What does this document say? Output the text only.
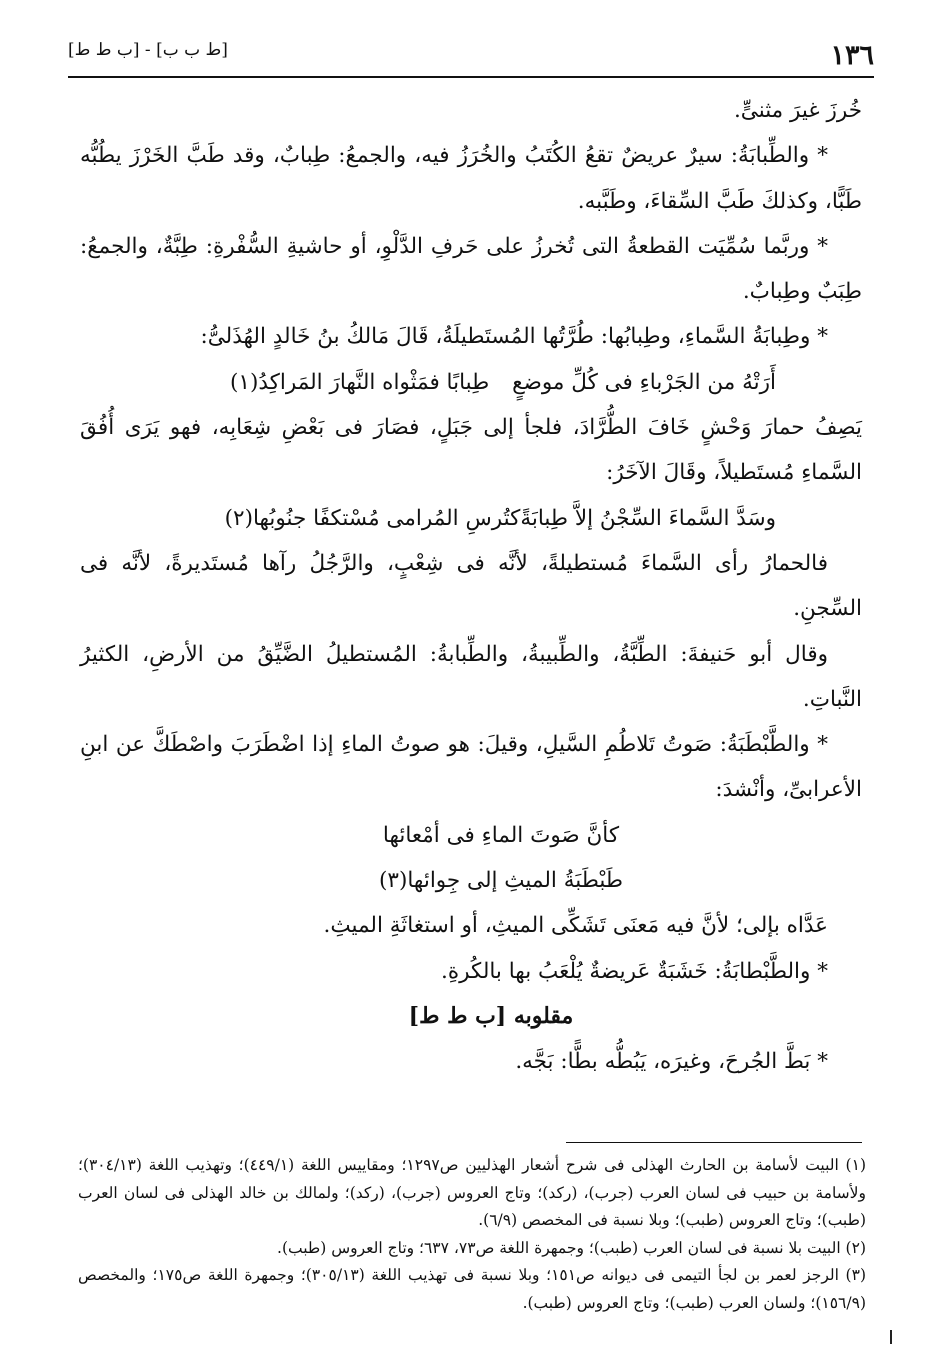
١٣٦
[ط ب ب] - [ب ط ط]
خُرزَ غيرَ مثنىٍّ.
* والطِّبابَةُ: سيرٌ عريضٌ تقعُ الكُتَبُ والخُرَزُ فيه، والجمعُ: طِبابٌ، وقد طَبَّ الخَرْزَ يطُبُّه طَبًّا، وكذلكَ طَبَّ السِّقاءَ، وطَبَّبه.
* وربَّما سُمِّيَت القطعةُ التى تُخرزُ على حَرفِ الدَّلْوِ، أو حاشيةِ السُّفْرةِ: طِبَّةٌ، والجمعُ: طِبَبٌ وطِبابٌ.
* وطِبابَةُ السَّماءِ، وطِبابُها: طُرَّتُها المُستَطيلَةُ، قَالَ مَالكُ بنُ خَالدٍ الهُذَلىُّ:
أَرَتْهُ من الجَرْباءِ فى كُلِّ موضعٍ
طِبابًا فمَثْواه النَّهارَ المَراكِدُ(١)
يَصِفُ حمارَ وَحْشٍ خَافَ الطُّرَّادَ، فلجأ إلى جَبَلٍ، فصَارَ فى بَعْضِ شِعَابِه، فهو يَرَى أُفُقَ السَّماءِ مُستَطيلاً، وقَالَ الآخَرُ:
وسَدَّ السَّماءَ السِّجْنُ إلاَّ طِبابَةً
كتُرسِ المُرامى مُسْتكفًا جنُوبُها(٢)
فالحمارُ رأى السَّماءَ مُستطيلةً، لأنَّه فى شِعْبٍ، والرَّجُلُ رآها مُستَديرةً، لأنَّه فى السِّجنِ.
وقال أبو حَنيفةَ: الطِّبَّةُ، والطِّبيبةُ، والطِّبابةُ: المُستطيلُ الضَّيِّقُ من الأرضِ، الكثيرُ النَّباتِ.
* والطَّبْطَبَةُ: صَوتُ تَلاطُمِ السَّيلِ، وقيلَ: هو صوتُ الماءِ إذا اضْطَرَبَ واصْطَكَّ عن ابنِ الأعرابىِّ، وأنْشدَ:
كأنَّ صَوتَ الماءِ فى أمْعائها
طَبْطَبَةُ الميثِ إلى جِوائها(٣)
عَدَّاه بإلى؛ لأنَّ فيه مَعنَى تَشَكِّى الميثِ، أو استغاثَةِ الميثِ.
* والطَّبْطابَةُ: خَشَبَةٌ عَريضةٌ يُلْعَبُ بها بالكُرةِ.
مقلوبه [ب ط ط]
* بَطَّ الجُرحَ، وغيرَه، يَبُطُّه بطًّا: بَجَّه.
(١) البيت لأسامة بن الحارث الهذلى فى شرح أشعار الهذليين ص١٢٩٧؛ ومقاييس اللغة (٤٤٩/١)؛ وتهذيب اللغة (٣٠٤/١٣)؛ ولأسامة بن حبيب فى لسان العرب (جرب)، (ركد)؛ وتاج العروس (جرب)، (ركد)؛ ولمالك بن خالد الهذلى فى لسان العرب (طبب)؛ وتاج العروس (طبب)؛ وبلا نسبة فى المخصص (٦/٩).
(٢) البيت بلا نسبة فى لسان العرب (طبب)؛ وجمهرة اللغة ص٧٣، ٦٣٧؛ وتاج العروس (طبب).
(٣) الرجز لعمر بن لجأ التيمى فى ديوانه ص١٥١؛ وبلا نسبة فى تهذيب اللغة (٣٠٥/١٣)؛ وجمهرة اللغة ص١٧٥؛ والمخصص (١٥٦/٩)؛ ولسان العرب (طبب)؛ وتاج العروس (طبب).
